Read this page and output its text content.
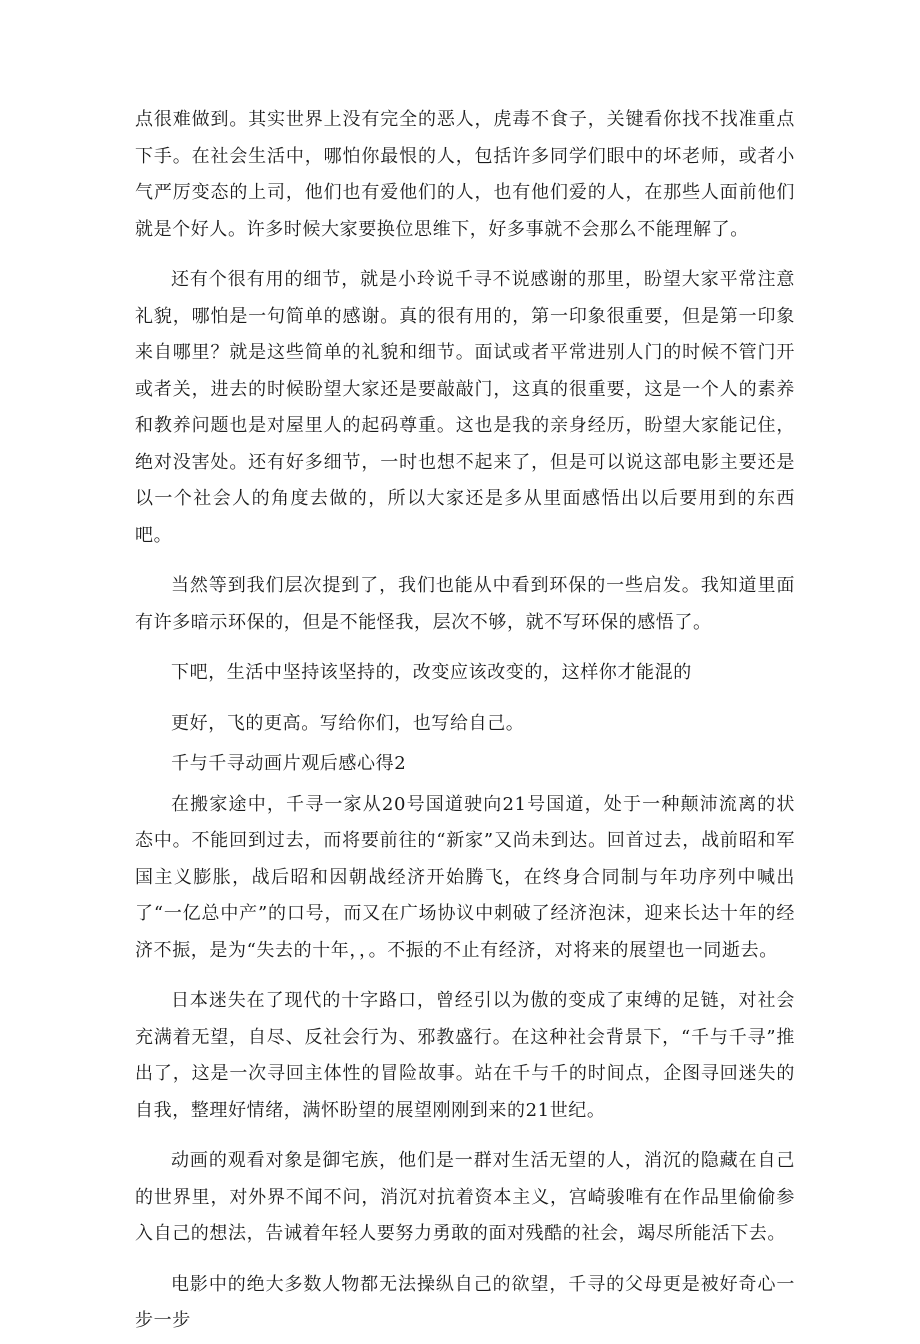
点很难做到。其实世界上没有完全的恶人，虎毒不食子，关键看你找不找准重点下手。在社会生活中，哪怕你最恨的人，包括许多同学们眼中的坏老师，或者小气严厉变态的上司，他们也有爱他们的人，也有他们爱的人，在那些人面前他们就是个好人。许多时候大家要换位思维下，好多事就不会那么不能理解了。

还有个很有用的细节，就是小玲说千寻不说感谢的那里，盼望大家平常注意礼貌，哪怕是一句简单的感谢。真的很有用的，第一印象很重要，但是第一印象来自哪里？就是这些简单的礼貌和细节。面试或者平常进别人门的时候不管门开或者关，进去的时候盼望大家还是要敲敲门，这真的很重要，这是一个人的素养和教养问题也是对屋里人的起码尊重。这也是我的亲身经历，盼望大家能记住，绝对没害处。还有好多细节，一时也想不起来了，但是可以说这部电影主要还是以一个社会人的角度去做的，所以大家还是多从里面感悟出以后要用到的东西吧。

当然等到我们层次提到了，我们也能从中看到环保的一些启发。我知道里面有许多暗示环保的，但是不能怪我，层次不够，就不写环保的感悟了。

下吧，生活中坚持该坚持的，改变应该改变的，这样你才能混的

更好，飞的更高。写给你们，也写给自己。

千与千寻动画片观后感心得2

在搬家途中，千寻一家从20号国道驶向21号国道，处于一种颠沛流离的状态中。不能回到过去，而将要前往的“新家”又尚未到达。回首过去，战前昭和军国主义膨胀，战后昭和因朝战经济开始腾飞，在终身合同制与年功序列中喊出了“一亿总中产”的口号，而又在广场协议中刺破了经济泡沫，迎来长达十年的经济不振，是为“失去的十年，，。不振的不止有经济，对将来的展望也一同逝去。

日本迷失在了现代的十字路口，曾经引以为傲的变成了束缚的足链，对社会充满着无望，自尽、反社会行为、邪教盛行。在这种社会背景下，“千与千寻”推出了，这是一次寻回主体性的冒险故事。站在千与千的时间点，企图寻回迷失的自我，整理好情绪，满怀盼望的展望刚刚到来的21世纪。

动画的观看对象是御宅族，他们是一群对生活无望的人，消沉的隐藏在自己的世界里，对外界不闻不问，消沉对抗着资本主义，宫崎骏唯有在作品里偷偷参入自己的想法，告诫着年轻人要努力勇敢的面对残酷的社会，竭尽所能活下去。

电影中的绝大多数人物都无法操纵自己的欲望，千寻的父母更是被好奇心一步一步
